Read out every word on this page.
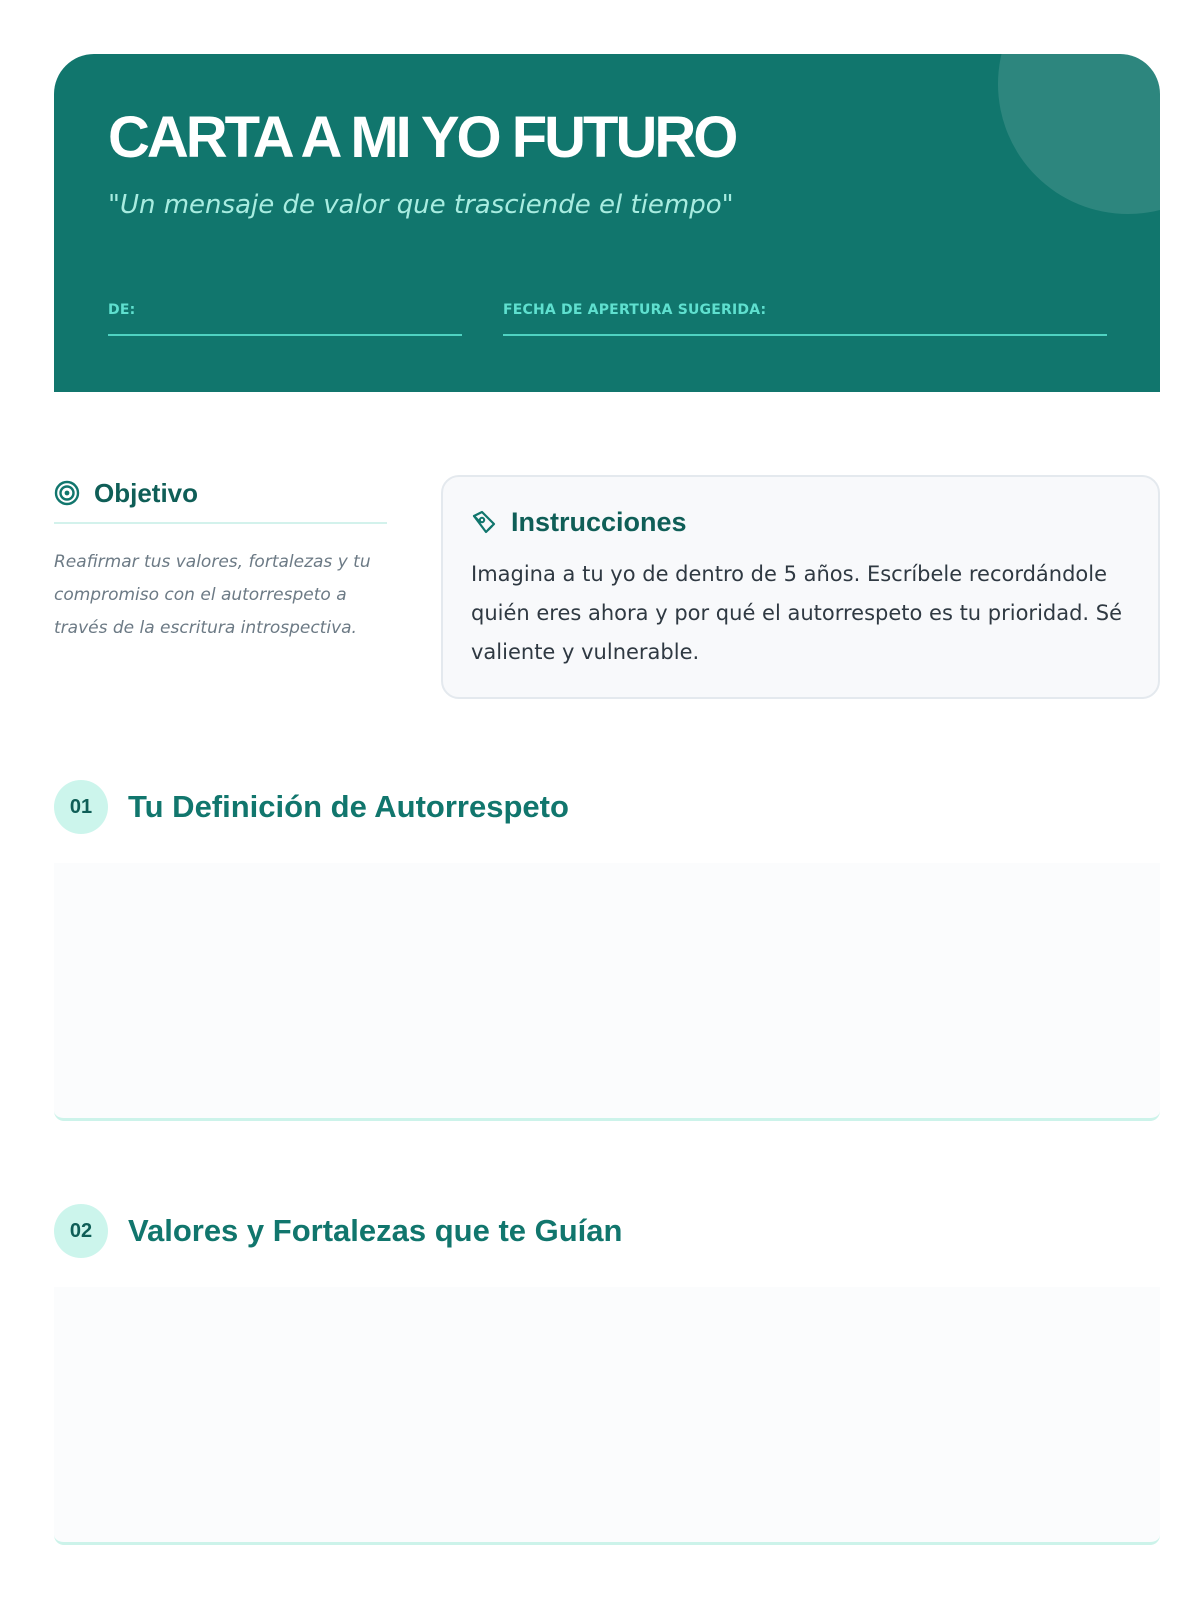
CARTA A MI YO FUTURO

"Un mensaje de valor que trasciende el tiempo"

DE:	FECHA DE APERTURA SUGERIDA:
Objetivo
Reafirmar tus valores, fortalezas y tu compromiso con el autorrespeto a través de la escritura introspectiva.
Instrucciones
Imagina a tu yo de dentro de 5 años. Escríbele recordándole quién eres ahora y por qué el autorrespeto es tu prioridad. Sé valiente y vulnerable.
01	Tu Definición de Autorrespeto
02	Valores y Fortalezas que te Guían
